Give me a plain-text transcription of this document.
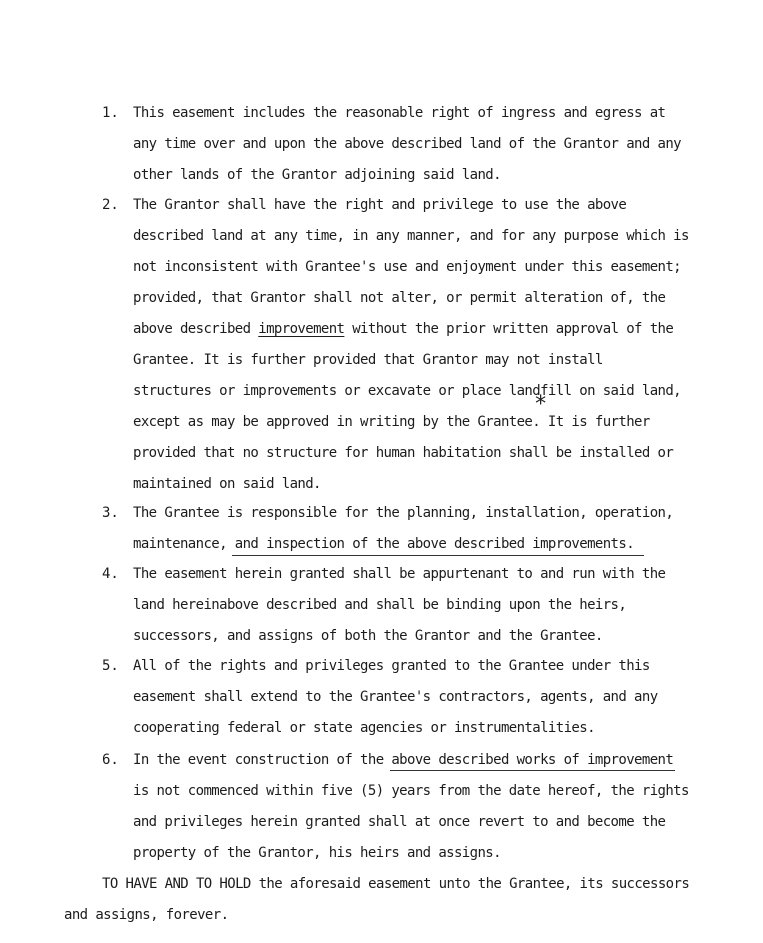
1. This easement includes the reasonable right of ingress and egress at
any time over and upon the above described land of the Grantor and any
other lands of the Grantor adjoining said land.
2. The Grantor shall have the right and privilege to use the above
described land at any time, in any manner, and for any purpose which is
not inconsistent with Grantee's use and enjoyment under this easement;
provided, that Grantor shall not alter, or permit alteration of, the
above described improvement without the prior written approval of the
Grantee. It is further provided that Grantor may not install
structures or improvements or excavate or place landfill on said land,
except as may be approved in writing by the Grantee. It is further
provided that no structure for human habitation shall be installed or
maintained on said land.
*
3. The Grantee is responsible for the planning, installation, operation,
maintenance, and inspection of the above described improvements.
4. The easement herein granted shall be appurtenant to and run with the
land hereinabove described and shall be binding upon the heirs,
successors, and assigns of both the Grantor and the Grantee.
5. All of the rights and privileges granted to the Grantee under this
easement shall extend to the Grantee's contractors, agents, and any
cooperating federal or state agencies or instrumentalities.
6. In the event construction of the above described works of improvement
is not commenced within five (5) years from the date hereof, the rights
and privileges herein granted shall at once revert to and become the
property of the Grantor, his heirs and assigns.
TO HAVE AND TO HOLD the aforesaid easement unto the Grantee, its successors
and assigns, forever.
